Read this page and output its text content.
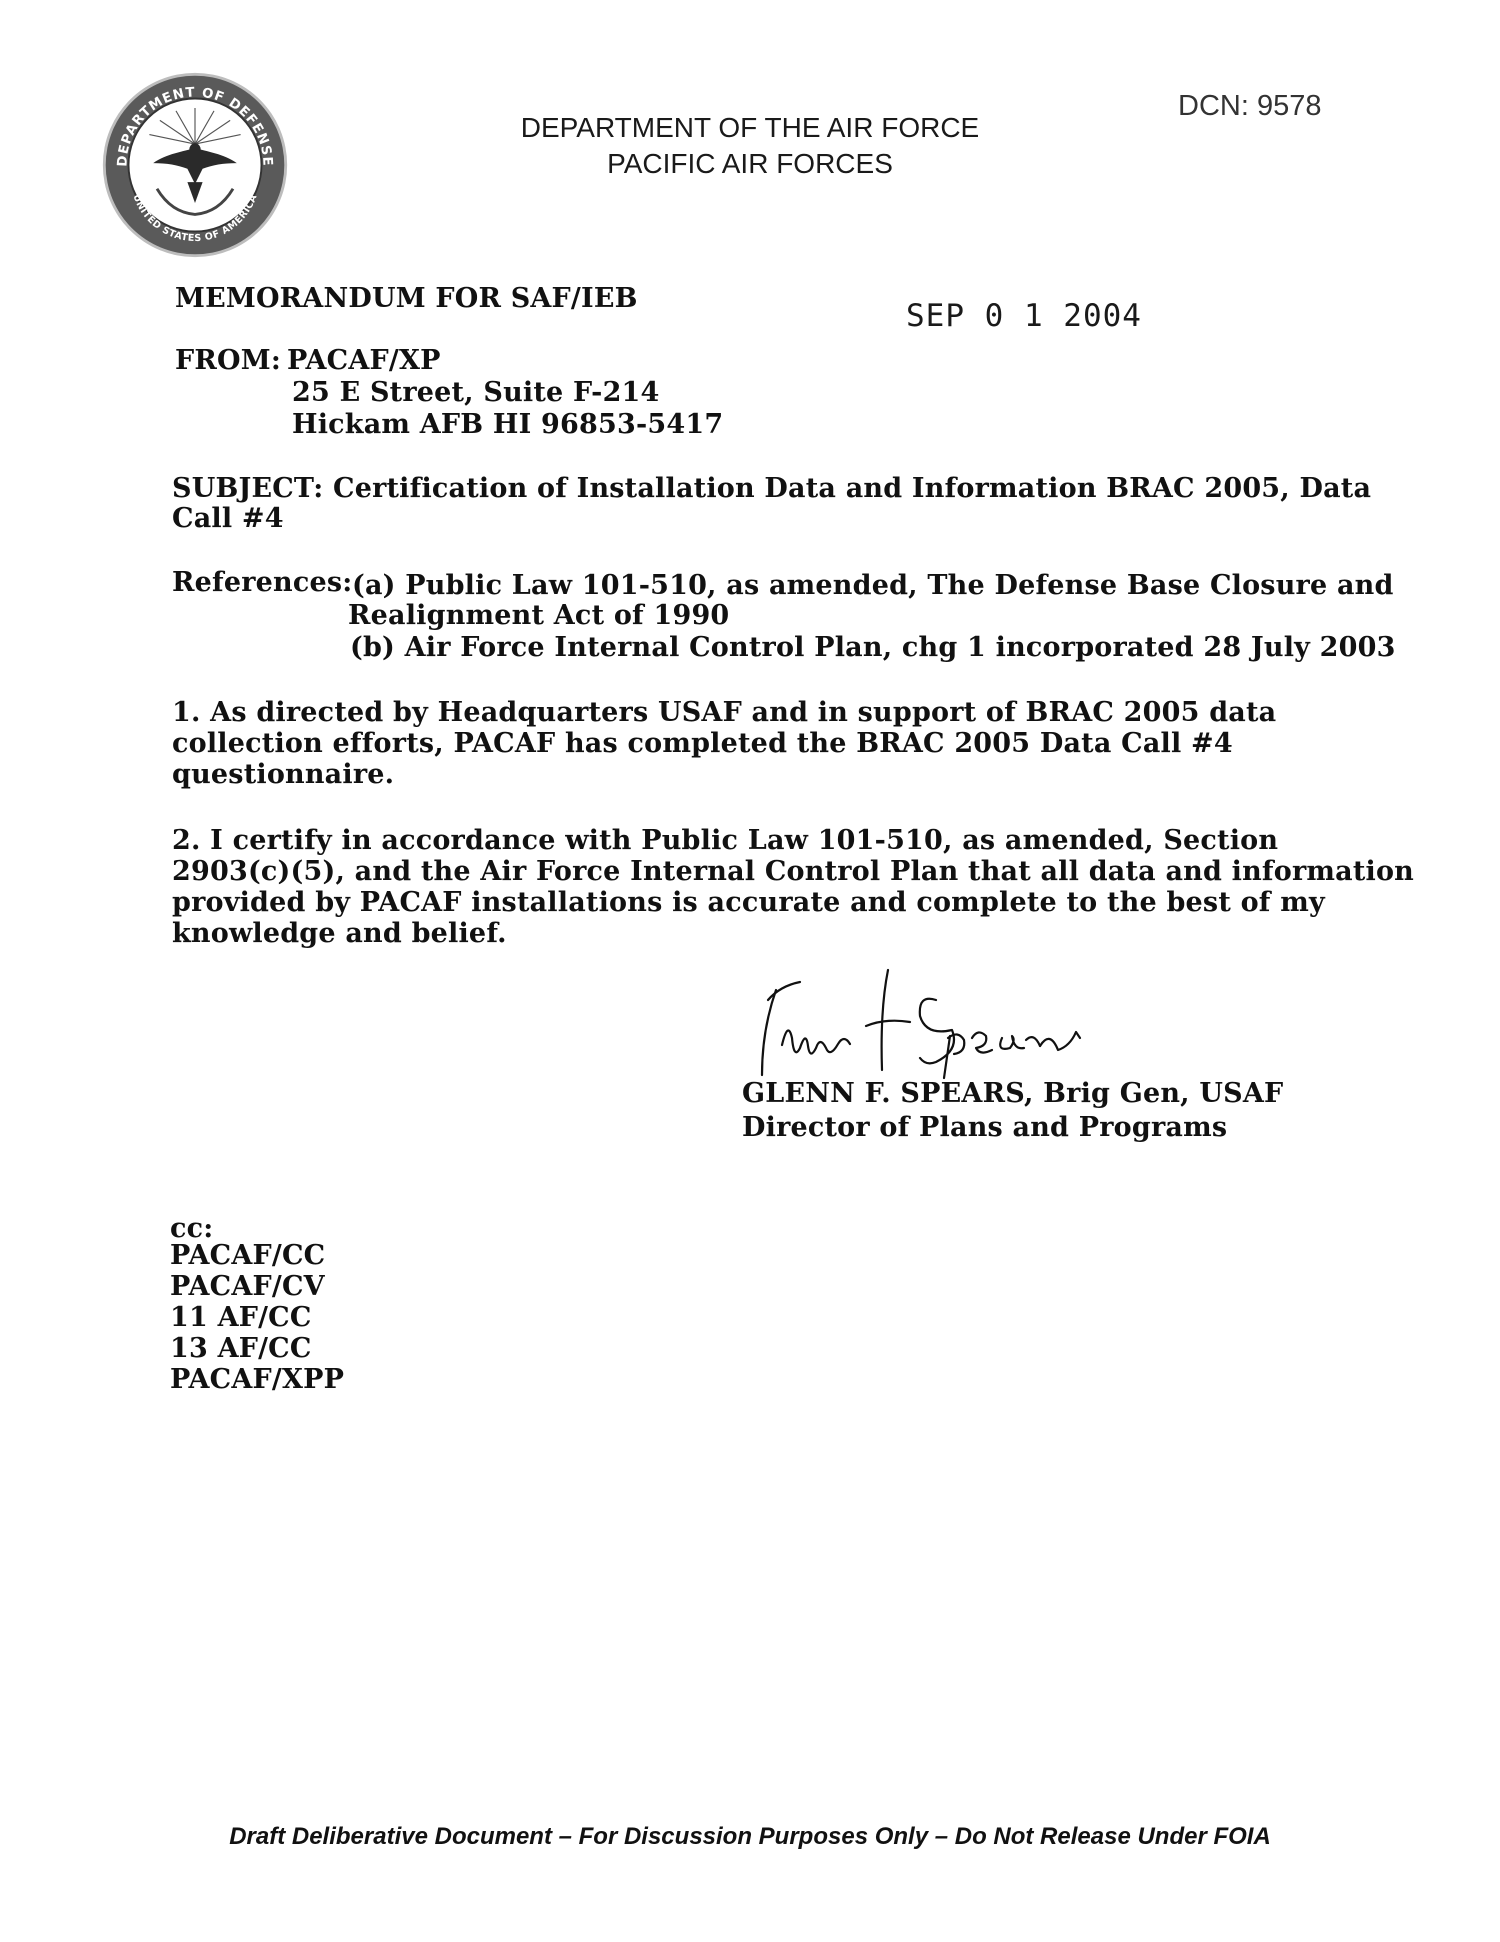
DEPARTMENT OF DEFENSE
UNITED STATES OF AMERICA
DEPARTMENT OF THE AIR FORCE
PACIFIC AIR FORCES
DCN: 9578
MEMORANDUM FOR SAF/IEB	SEP 0 1 2004
FROM: PACAF/XP
25 E Street, Suite F-214
Hickam AFB HI 96853-5417
SUBJECT: Certification of Installation Data and Information BRAC 2005, Data
Call #4
References: (a) Public Law 101-510, as amended, The Defense Base Closure and
Realignment Act of 1990
(b) Air Force Internal Control Plan, chg 1 incorporated 28 July 2003
1. As directed by Headquarters USAF and in support of BRAC 2005 data
collection efforts, PACAF has completed the BRAC 2005 Data Call #4
questionnaire.
2. I certify in accordance with Public Law 101-510, as amended, Section
2903(c)(5), and the Air Force Internal Control Plan that all data and information
provided by PACAF installations is accurate and complete to the best of my
knowledge and belief.
GLENN F. SPEARS, Brig Gen, USAF
Director of Plans and Programs
cc:
PACAF/CC
PACAF/CV
11 AF/CC
13 AF/CC
PACAF/XPP
Draft Deliberative Document – For Discussion Purposes Only – Do Not Release Under FOIA
